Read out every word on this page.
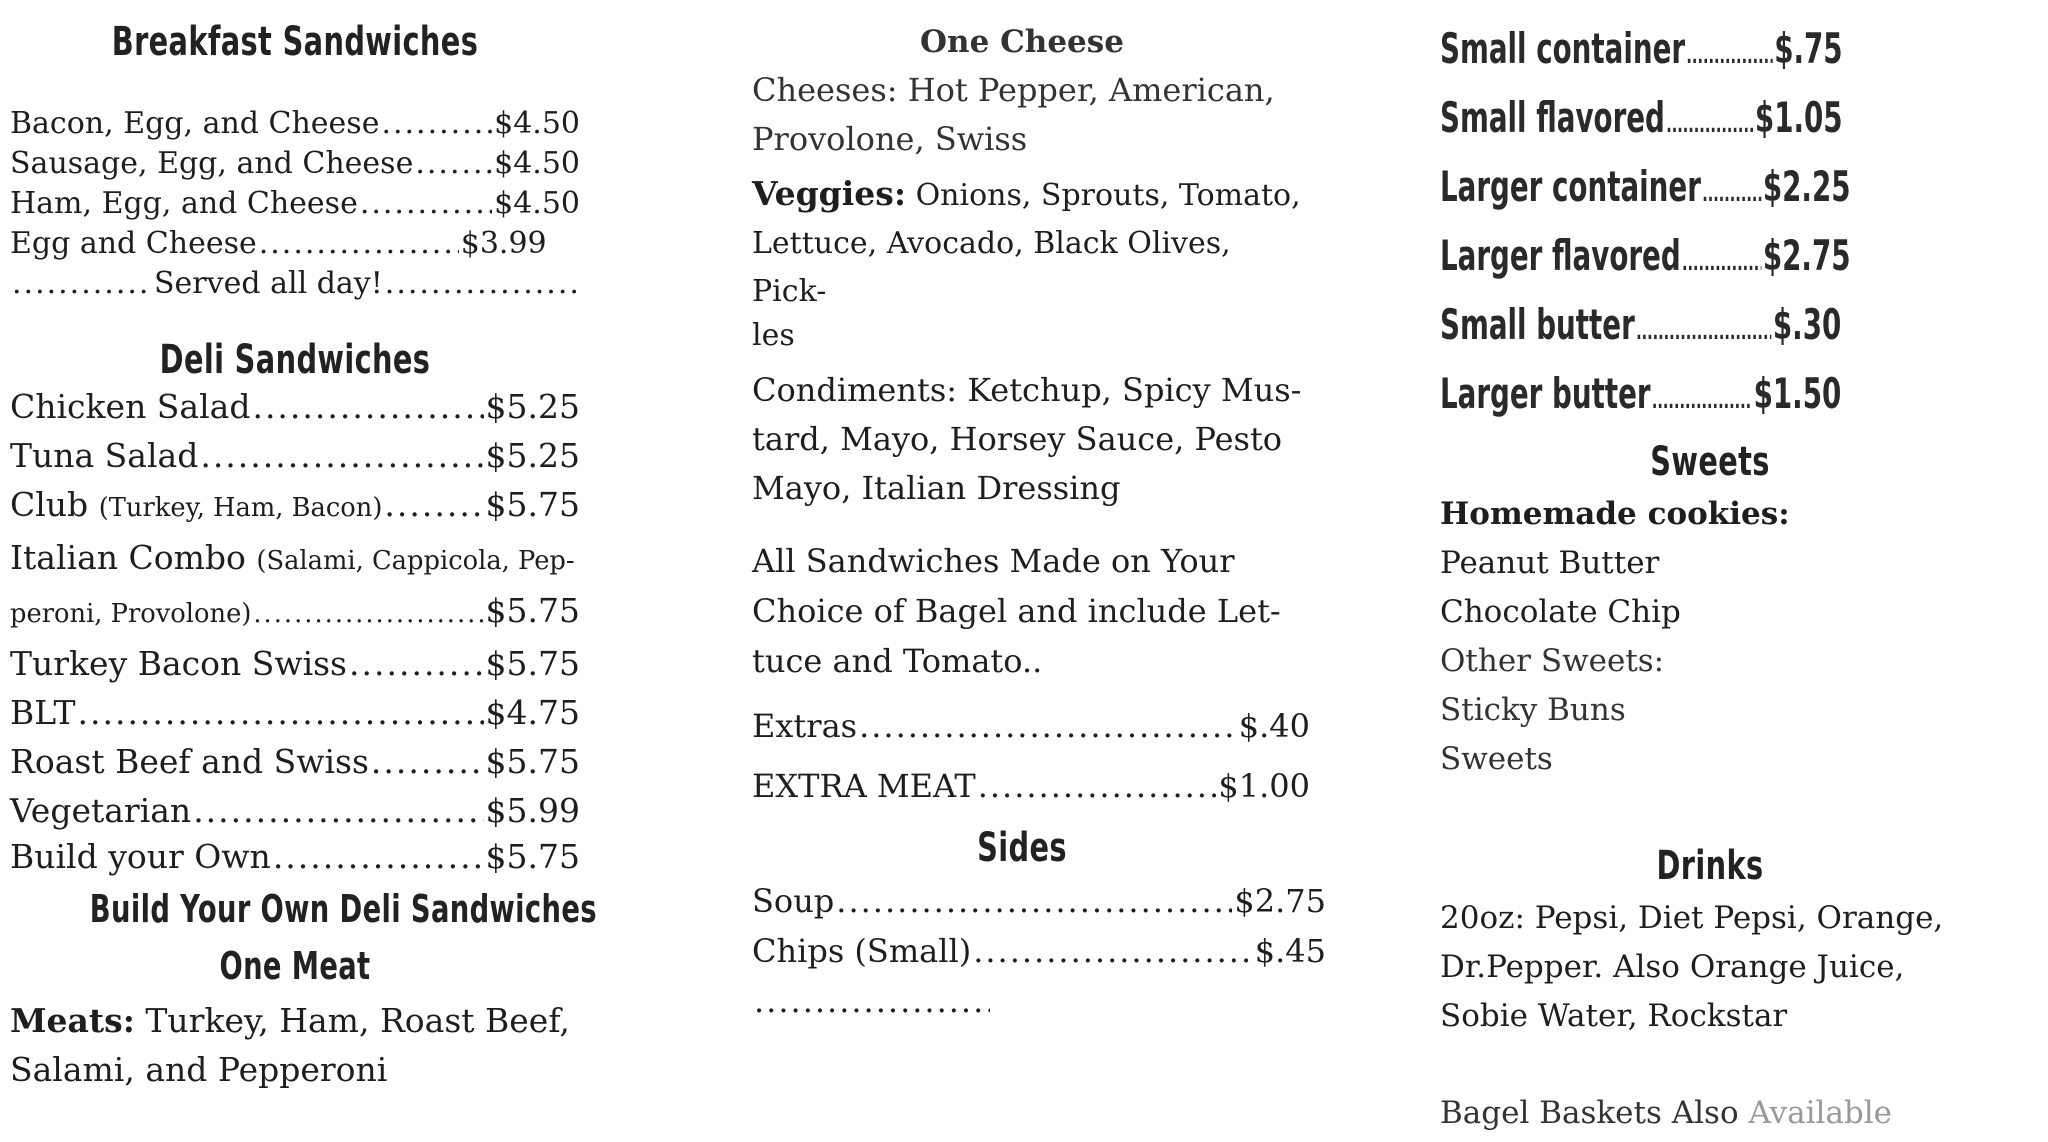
Breakfast Sandwiches
Bacon, Egg, and Cheese .....	$4.50
Sausage, Egg, and Cheese .....	$4.50
Ham, Egg, and Cheese .....	$4.50
Egg and Cheese .....	$3.99
.....
Served all day!
.....
Deli Sandwiches
Chicken Salad .....	$5.25
Tuna Salad .....	$5.25
Club
(Turkey, Ham, Bacon) .....	$5.75
Italian Combo
(Salami, Cappicola, Pep-
peroni, Provolone) .....	$5.75
Turkey Bacon Swiss .....	$5.75
BLT .....	$4.75
Roast Beef and Swiss .....	$5.75
Vegetarian .....	$5.99
Build your Own .....	$5.75
Build Your Own Deli Sandwiches
One Meat
Meats: Turkey, Ham, Roast Beef,
Salami, and Pepperoni
One Cheese
Cheeses: Hot Pepper, American,
Provolone, Swiss
Veggies: Onions, Sprouts, Tomato,
Lettuce, Avocado, Black Olives, Pick-
les
Condiments: Ketchup, Spicy Mus-
tard, Mayo, Horsey Sauce, Pesto
Mayo, Italian Dressing
All Sandwiches Made on Your
Choice of Bagel and include Let-
tuce and Tomato..
Extras .....	$.40
EXTRA MEAT .....	$1.00
Sides
Soup .....	$2.75
Chips (Small) .....	$.45
.....
Small container ..... $.75
Small flavored ..... $1.05
Larger container ..... $2.25
Larger flavored ..... $2.75
Small butter .....	$.30
Larger butter ..... $1.50
Sweets
Homemade cookies:
Peanut Butter
Chocolate Chip
Other Sweets:
Sticky Buns
Sweets
Drinks
20oz: Pepsi, Diet Pepsi, Orange,
Dr.Pepper. Also Orange Juice,
Sobie Water, Rockstar
Bagel Baskets Also Available
